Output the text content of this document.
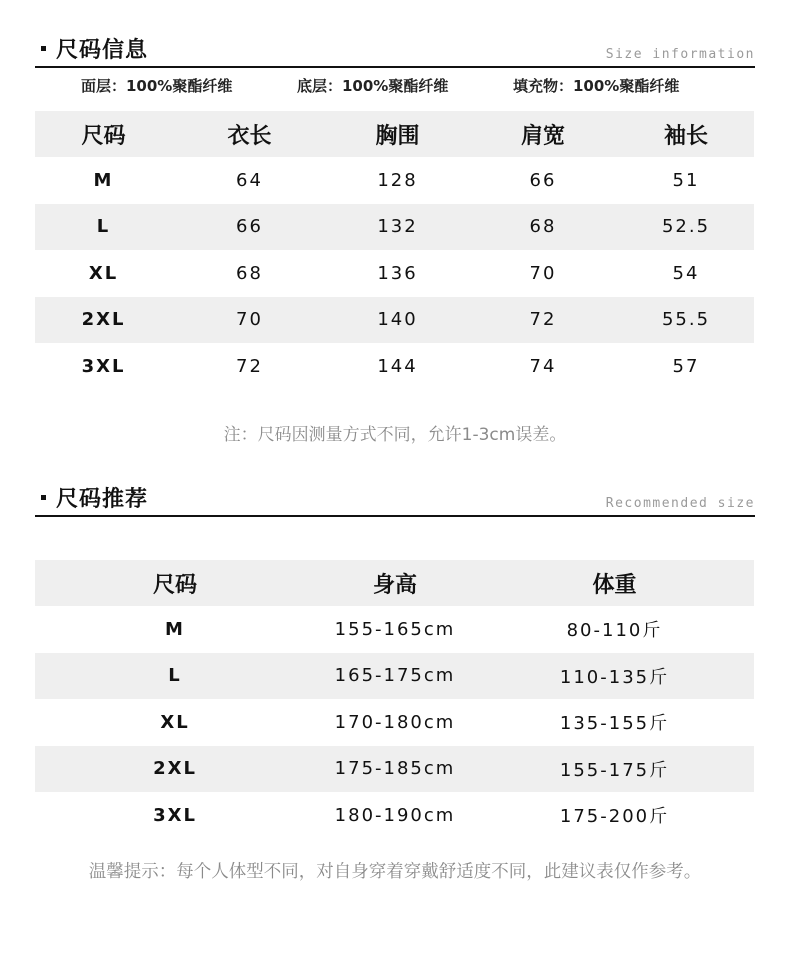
尺码信息	Size information
面层：100%聚酯纤维	底层：100%聚酯纤维	填充物：100%聚酯纤维
尺码	衣长	胸围	肩宽	袖长
M	64	128	66	51
L	66	132	68	52.5
XL	68	136	70	54
2XL	70	140	72	55.5
3XL	72	144	74	57
注：尺码因测量方式不同，允许1-3cm误差。
尺码推荐	Recommended size
尺码	身高	体重
M	155-165cm	80-110斤
L	165-175cm	110-135斤
XL	170-180cm	135-155斤
2XL	175-185cm	155-175斤
3XL	180-190cm	175-200斤
温馨提示：每个人体型不同，对自身穿着穿戴舒适度不同，此建议表仅作参考。
